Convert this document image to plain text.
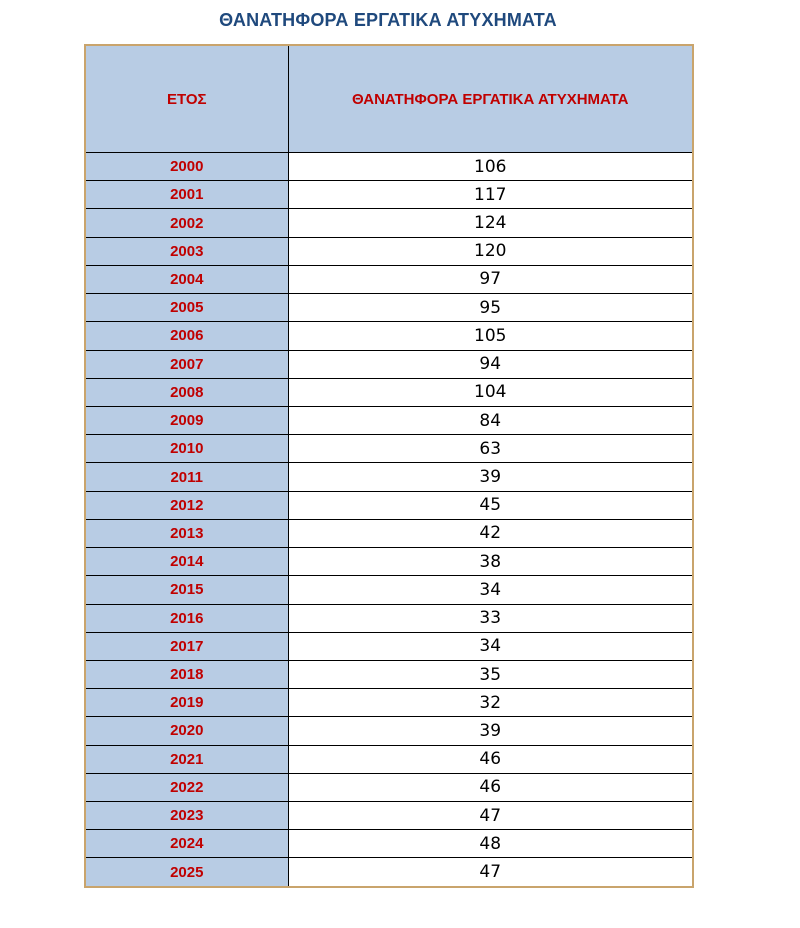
ΘΑΝΑΤΗΦΟΡΑ ΕΡΓΑΤΙΚΑ ΑΤΥΧΗΜΑΤΑ
ΕΤΟΣ	ΘΑΝΑΤΗΦΟΡΑ ΕΡΓΑΤΙΚΑ ΑΤΥΧΗΜΑΤΑ
2000	106
2001	117
2002	124
2003	120
2004	97
2005	95
2006	105
2007	94
2008	104
2009	84
2010	63
2011	39
2012	45
2013	42
2014	38
2015	34
2016	33
2017	34
2018	35
2019	32
2020	39
2021	46
2022	46
2023	47
2024	48
2025	47
